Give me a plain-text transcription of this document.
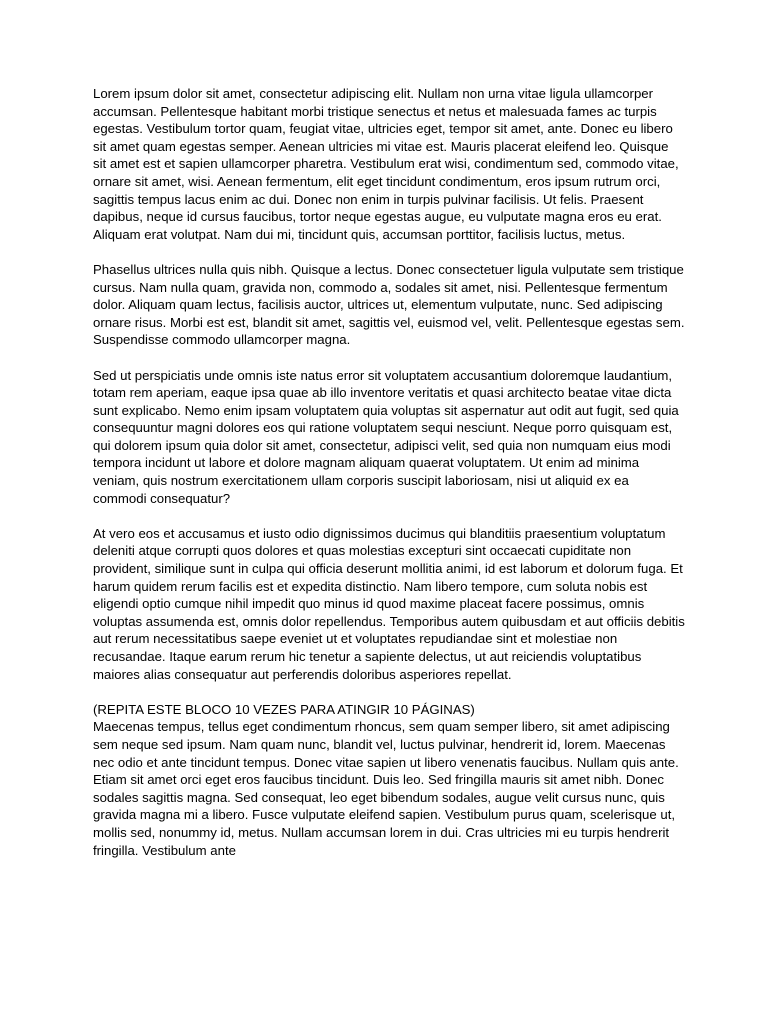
Lorem ipsum dolor sit amet, consectetur adipiscing elit. Nullam non urna vitae ligula ullamcorper accumsan. Pellentesque habitant morbi tristique senectus et netus et malesuada fames ac turpis egestas. Vestibulum tortor quam, feugiat vitae, ultricies eget, tempor sit amet, ante. Donec eu libero sit amet quam egestas semper. Aenean ultricies mi vitae est. Mauris placerat eleifend leo. Quisque sit amet est et sapien ullamcorper pharetra. Vestibulum erat wisi, condimentum sed, commodo vitae, ornare sit amet, wisi. Aenean fermentum, elit eget tincidunt condimentum, eros ipsum rutrum orci, sagittis tempus lacus enim ac dui. Donec non enim in turpis pulvinar facilisis. Ut felis. Praesent dapibus, neque id cursus faucibus, tortor neque egestas augue, eu vulputate magna eros eu erat. Aliquam erat volutpat. Nam dui mi, tincidunt quis, accumsan porttitor, facilisis luctus, metus.

Phasellus ultrices nulla quis nibh. Quisque a lectus. Donec consectetuer ligula vulputate sem tristique cursus. Nam nulla quam, gravida non, commodo a, sodales sit amet, nisi. Pellentesque fermentum dolor. Aliquam quam lectus, facilisis auctor, ultrices ut, elementum vulputate, nunc. Sed adipiscing ornare risus. Morbi est est, blandit sit amet, sagittis vel, euismod vel, velit. Pellentesque egestas sem. Suspendisse commodo ullamcorper magna.

Sed ut perspiciatis unde omnis iste natus error sit voluptatem accusantium doloremque laudantium, totam rem aperiam, eaque ipsa quae ab illo inventore veritatis et quasi architecto beatae vitae dicta sunt explicabo. Nemo enim ipsam voluptatem quia voluptas sit aspernatur aut odit aut fugit, sed quia consequuntur magni dolores eos qui ratione voluptatem sequi nesciunt. Neque porro quisquam est, qui dolorem ipsum quia dolor sit amet, consectetur, adipisci velit, sed quia non numquam eius modi tempora incidunt ut labore et dolore magnam aliquam quaerat voluptatem. Ut enim ad minima veniam, quis nostrum exercitationem ullam corporis suscipit laboriosam, nisi ut aliquid ex ea commodi consequatur?

At vero eos et accusamus et iusto odio dignissimos ducimus qui blanditiis praesentium voluptatum deleniti atque corrupti quos dolores et quas molestias excepturi sint occaecati cupiditate non provident, similique sunt in culpa qui officia deserunt mollitia animi, id est laborum et dolorum fuga. Et harum quidem rerum facilis est et expedita distinctio. Nam libero tempore, cum soluta nobis est eligendi optio cumque nihil impedit quo minus id quod maxime placeat facere possimus, omnis voluptas assumenda est, omnis dolor repellendus. Temporibus autem quibusdam et aut officiis debitis aut rerum necessitatibus saepe eveniet ut et voluptates repudiandae sint et molestiae non recusandae. Itaque earum rerum hic tenetur a sapiente delectus, ut aut reiciendis voluptatibus maiores alias consequatur aut perferendis doloribus asperiores repellat.

(REPITA ESTE BLOCO 10 VEZES PARA ATINGIR 10 PÁGINAS)

Maecenas tempus, tellus eget condimentum rhoncus, sem quam semper libero, sit amet adipiscing sem neque sed ipsum. Nam quam nunc, blandit vel, luctus pulvinar, hendrerit id, lorem. Maecenas nec odio et ante tincidunt tempus. Donec vitae sapien ut libero venenatis faucibus. Nullam quis ante. Etiam sit amet orci eget eros faucibus tincidunt. Duis leo. Sed fringilla mauris sit amet nibh. Donec sodales sagittis magna. Sed consequat, leo eget bibendum sodales, augue velit cursus nunc, quis gravida magna mi a libero. Fusce vulputate eleifend sapien. Vestibulum purus quam, scelerisque ut, mollis sed, nonummy id, metus. Nullam accumsan lorem in dui. Cras ultricies mi eu turpis hendrerit fringilla. Vestibulum ante
